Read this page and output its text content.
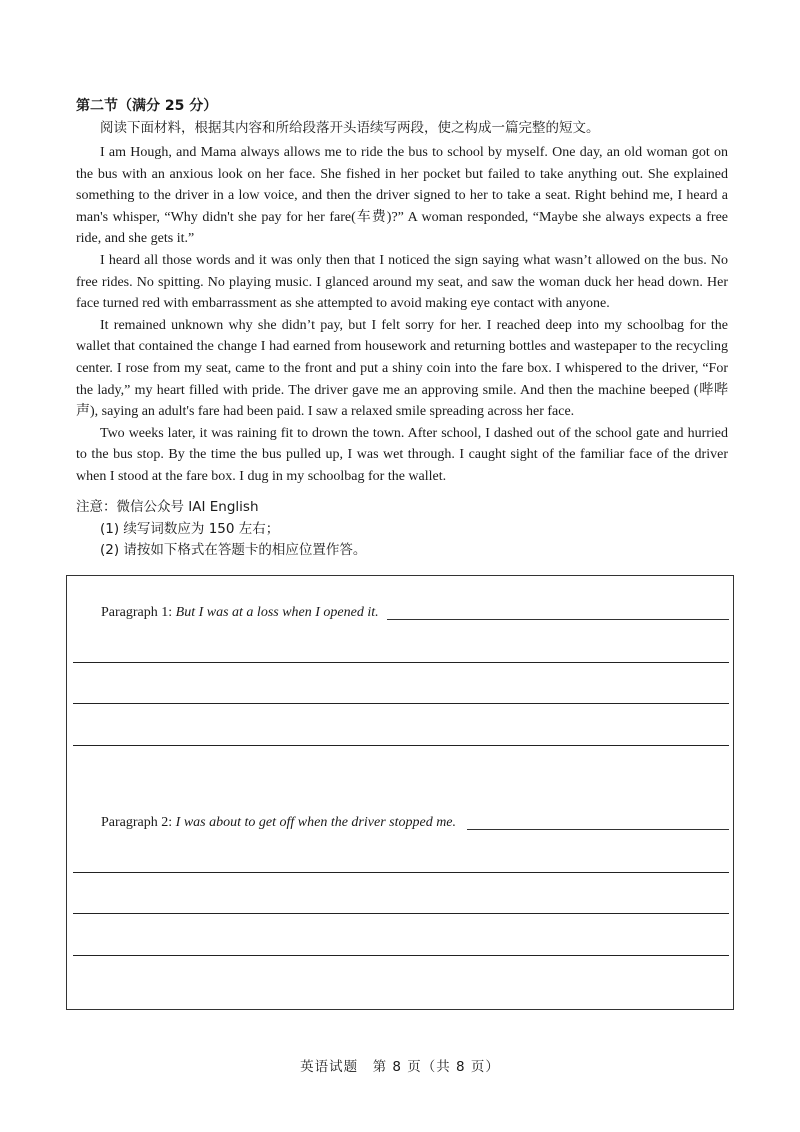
第二节（满分 25 分）
阅读下面材料，根据其内容和所给段落开头语续写两段，使之构成一篇完整的短文。

I am Hough, and Mama always allows me to ride the bus to school by myself. One day, an old woman got on the bus with an anxious look on her face. She fished in her pocket but failed to take anything out. She explained something to the driver in a low voice, and then the driver signed to her to take a seat. Right behind me, I heard a man's whisper, “Why didn't she pay for her fare(车费)?” A woman responded, “Maybe she always expects a free ride, and she gets it.”

I heard all those words and it was only then that I noticed the sign saying what wasn’t allowed on the bus. No free rides. No spitting. No playing music. I glanced around my seat, and saw the woman duck her head down. Her face turned red with embarrassment as she attempted to avoid making eye contact with anyone.

It remained unknown why she didn’t pay, but I felt sorry for her. I reached deep into my schoolbag for the wallet that contained the change I had earned from housework and returning bottles and wastepaper to the recycling center. I rose from my seat, came to the front and put a shiny coin into the fare box. I whispered to the driver, “For the lady,” my heart filled with pride. The driver gave me an approving smile. And then the machine beeped (哔哔声), saying an adult's fare had been paid. I saw a relaxed smile spreading across her face.

Two weeks later, it was raining fit to drown the town. After school, I dashed out of the school gate and hurried to the bus stop. By the time the bus pulled up, I was wet through. I caught sight of the familiar face of the driver when I stood at the fare box. I dug in my schoolbag for the wallet.

注意：微信公众号 IAI English
(1) 续写词数应为 150 左右；
(2) 请按如下格式在答题卡的相应位置作答。
Paragraph 1: But I was at a loss when I opened it.
Paragraph 2: I was about to get off when the driver stopped me.
英语试题　第 8 页（共 8 页）
